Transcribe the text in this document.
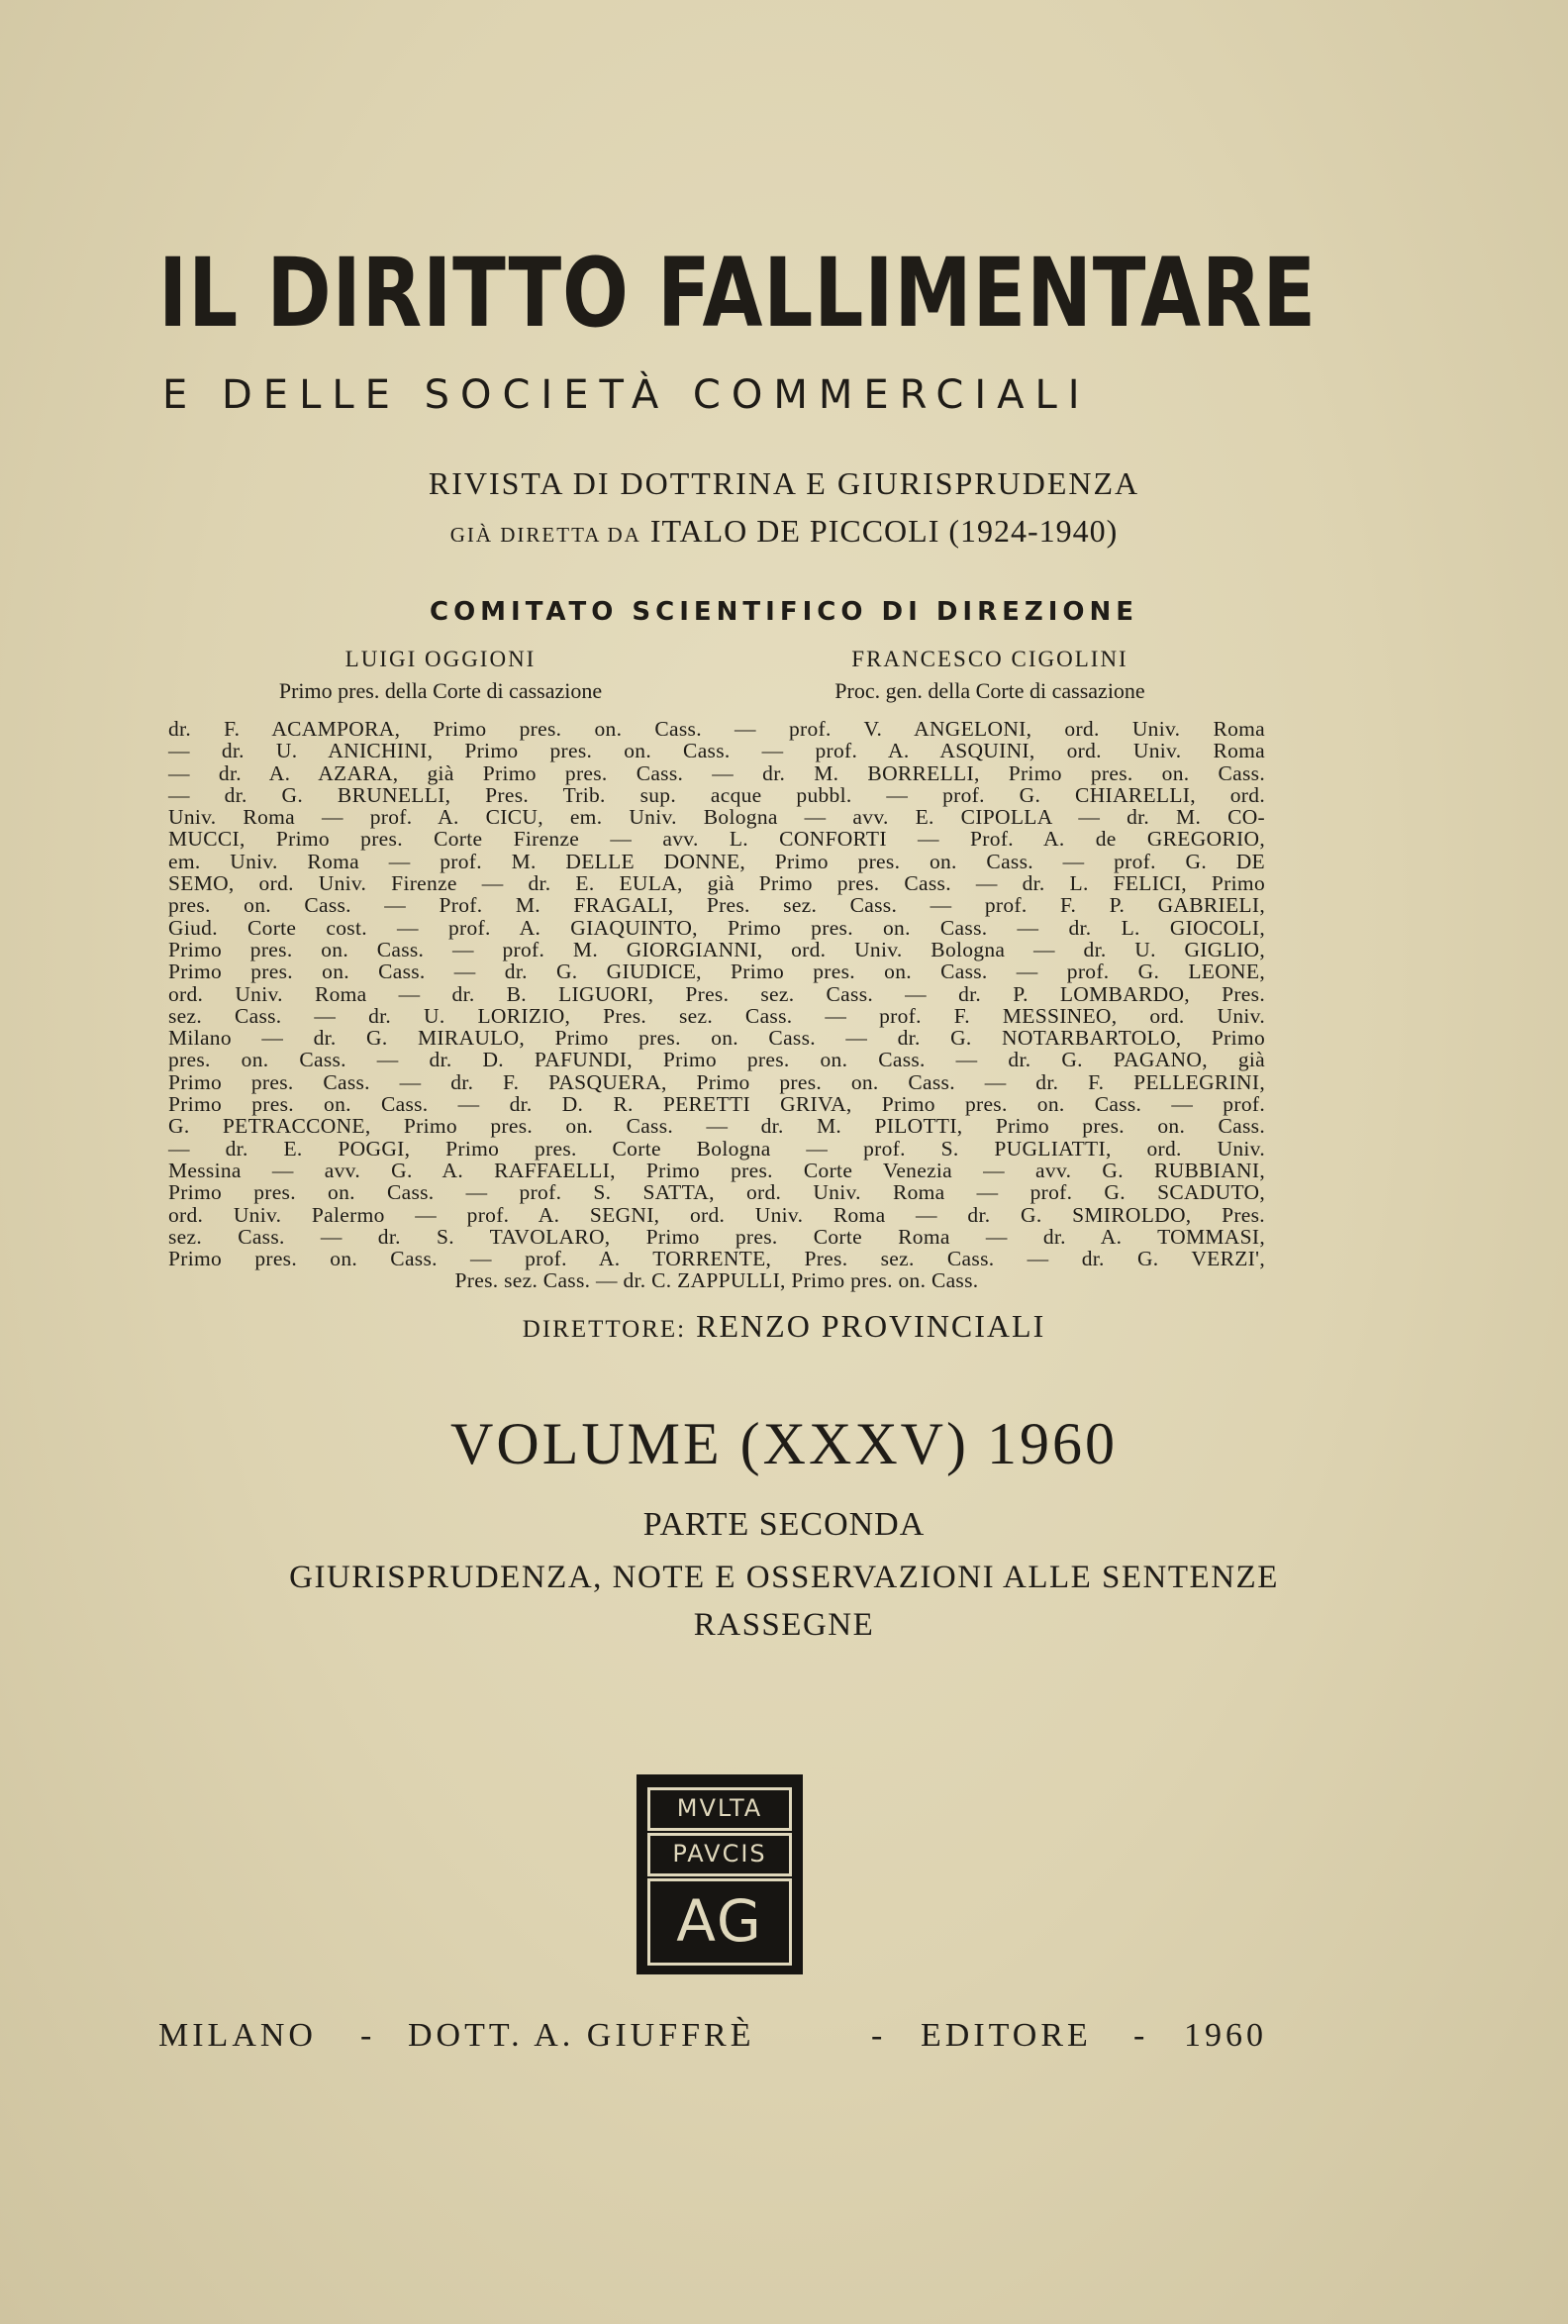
IL DIRITTO FALLIMENTARE
E DELLE SOCIETÀ COMMERCIALI
RIVISTA DI DOTTRINA E GIURISPRUDENZA
GIÀ DIRETTA DA ITALO DE PICCOLI (1924-1940)
COMITATO SCIENTIFICO DI DIREZIONE
LUIGI OGGIONI
Primo pres. della Corte di cassazione
FRANCESCO CIGOLINI
Proc. gen. della Corte di cassazione
dr. F. ACAMPORA, Primo pres. on. Cass. — prof. V. ANGELONI, ord. Univ. Roma
— dr. U. ANICHINI, Primo pres. on. Cass. — prof. A. ASQUINI, ord. Univ. Roma
— dr. A. AZARA, già Primo pres. Cass. — dr. M. BORRELLI, Primo pres. on. Cass.
— dr. G. BRUNELLI, Pres. Trib. sup. acque pubbl. — prof. G. CHIARELLI, ord.
Univ. Roma — prof. A. CICU, em. Univ. Bologna — avv. E. CIPOLLA — dr. M. CO-
MUCCI, Primo pres. Corte Firenze — avv. L. CONFORTI — Prof. A. de GREGORIO,
em. Univ. Roma — prof. M. DELLE DONNE, Primo pres. on. Cass. — prof. G. DE
SEMO, ord. Univ. Firenze — dr. E. EULA, già Primo pres. Cass. — dr. L. FELICI, Primo
pres. on. Cass. — Prof. M. FRAGALI, Pres. sez. Cass. — prof. F. P. GABRIELI,
Giud. Corte cost. — prof. A. GIAQUINTO, Primo pres. on. Cass. — dr. L. GIOCOLI,
Primo pres. on. Cass. — prof. M. GIORGIANNI, ord. Univ. Bologna — dr. U. GIGLIO,
Primo pres. on. Cass. — dr. G. GIUDICE, Primo pres. on. Cass. — prof. G. LEONE,
ord. Univ. Roma — dr. B. LIGUORI, Pres. sez. Cass. — dr. P. LOMBARDO, Pres.
sez. Cass. — dr. U. LORIZIO, Pres. sez. Cass. — prof. F. MESSINEO, ord. Univ.
Milano — dr. G. MIRAULO, Primo pres. on. Cass. — dr. G. NOTARBARTOLO, Primo
pres. on. Cass. — dr. D. PAFUNDI, Primo pres. on. Cass. — dr. G. PAGANO, già
Primo pres. Cass. — dr. F. PASQUERA, Primo pres. on. Cass. — dr. F. PELLEGRINI,
Primo pres. on. Cass. — dr. D. R. PERETTI GRIVA, Primo pres. on. Cass. — prof.
G. PETRACCONE, Primo pres. on. Cass. — dr. M. PILOTTI, Primo pres. on. Cass.
— dr. E. POGGI, Primo pres. Corte Bologna — prof. S. PUGLIATTI, ord. Univ.
Messina — avv. G. A. RAFFAELLI, Primo pres. Corte Venezia — avv. G. RUBBIANI,
Primo pres. on. Cass. — prof. S. SATTA, ord. Univ. Roma — prof. G. SCADUTO,
ord. Univ. Palermo — prof. A. SEGNI, ord. Univ. Roma — dr. G. SMIROLDO, Pres.
sez. Cass. — dr. S. TAVOLARO, Primo pres. Corte Roma — dr. A. TOMMASI,
Primo pres. on. Cass. — prof. A. TORRENTE, Pres. sez. Cass. — dr. G. VERZI',
Pres. sez. Cass. — dr. C. ZAPPULLI, Primo pres. on. Cass.
DIRETTORE: RENZO PROVINCIALI
VOLUME (XXXV) 1960
PARTE SECONDA
GIURISPRUDENZA, NOTE E OSSERVAZIONI ALLE SENTENZE
RASSEGNE
MVLTA
PAVCIS
AG
MILANO - DOTT. A. GIUFFRÈ	- EDITORE - 1960
